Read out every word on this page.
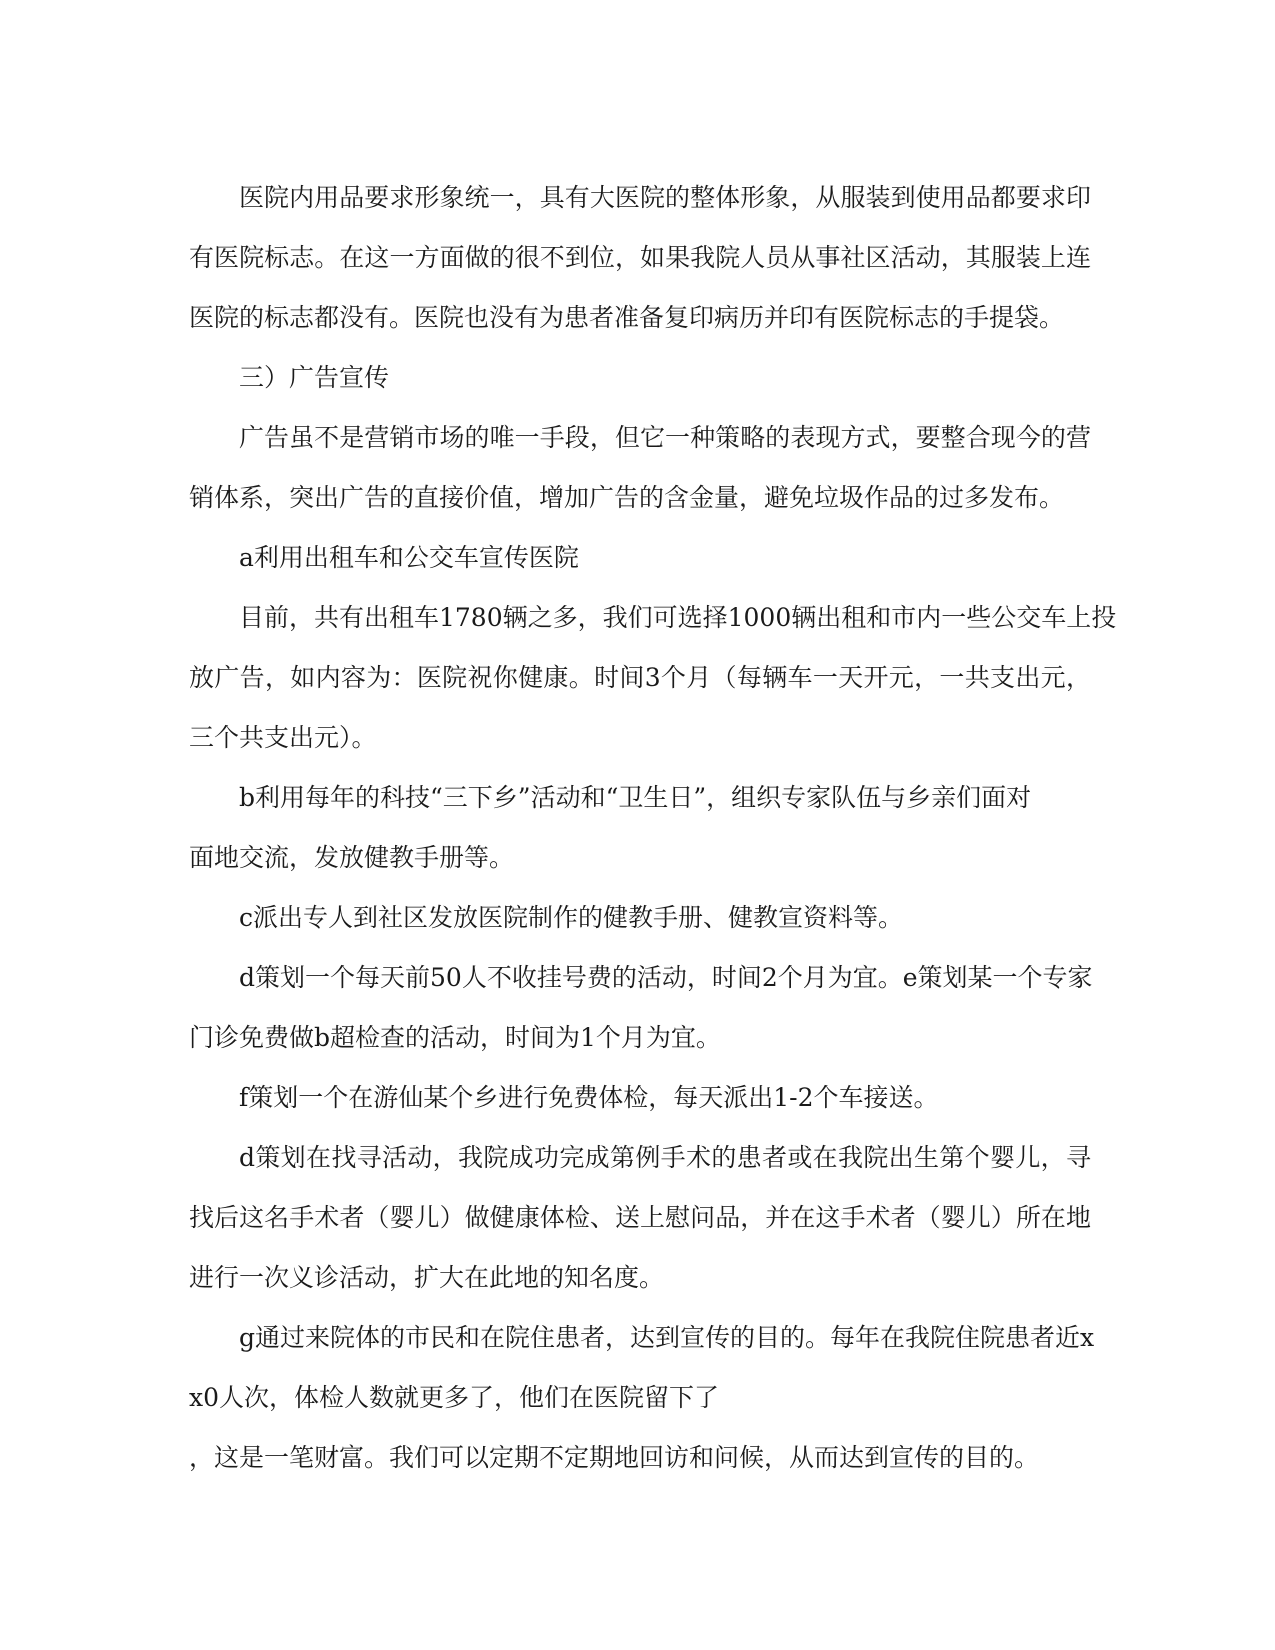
医院内用品要求形象统一，具有大医院的整体形象，从服装到使用品都要求印
有医院标志。在这一方面做的很不到位，如果我院人员从事社区活动，其服装上连
医院的标志都没有。医院也没有为患者准备复印病历并印有医院标志的手提袋。
三）广告宣传
广告虽不是营销市场的唯一手段，但它一种策略的表现方式，要整合现今的营
销体系，突出广告的直接价值，增加广告的含金量，避免垃圾作品的过多发布。
a利用出租车和公交车宣传医院
目前，共有出租车1780辆之多，我们可选择1000辆出租和市内一些公交车上投
放广告，如内容为：医院祝你健康。时间3个月（每辆车一天开元，一共支出元，
三个共支出元）。
b利用每年的科技“三下乡”活动和“卫生日”，组织专家队伍与乡亲们面对
面地交流，发放健教手册等。
c派出专人到社区发放医院制作的健教手册、健教宣资料等。
d策划一个每天前50人不收挂号费的活动，时间2个月为宜。e策划某一个专家
门诊免费做b超检查的活动，时间为1个月为宜。
f策划一个在游仙某个乡进行免费体检，每天派出1-2个车接送。
d策划在找寻活动，我院成功完成第例手术的患者或在我院出生第个婴儿，寻
找后这名手术者（婴儿）做健康体检、送上慰问品，并在这手术者（婴儿）所在地
进行一次义诊活动，扩大在此地的知名度。
g通过来院体的市民和在院住患者，达到宣传的目的。每年在我院住院患者近x
x0人次，体检人数就更多了，他们在医院留下了
，这是一笔财富。我们可以定期不定期地回访和问候，从而达到宣传的目的。
